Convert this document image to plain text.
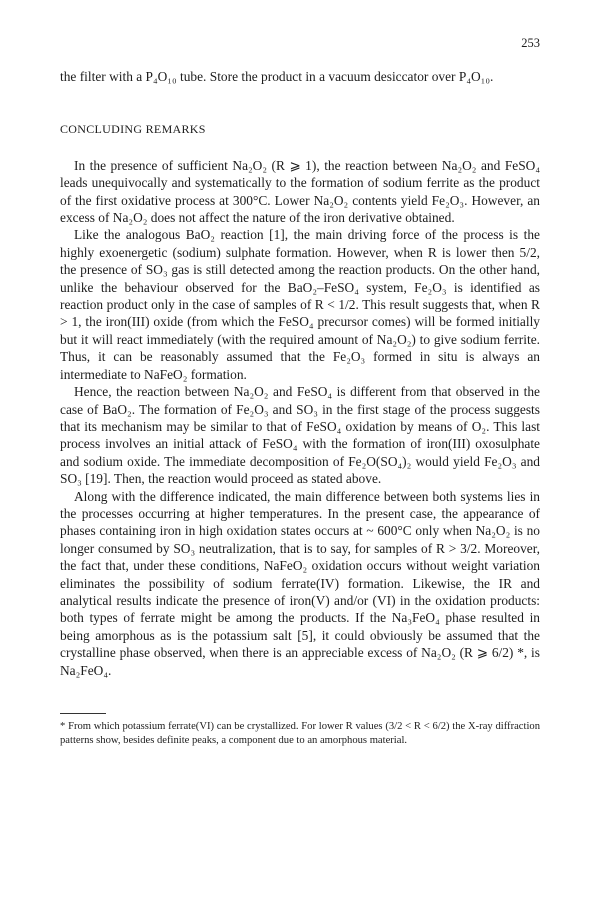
253

the filter with a P₄O₁₀ tube. Store the product in a vacuum desiccator over P₄O₁₀.

CONCLUDING REMARKS

In the presence of sufficient Na₂O₂ (R ⩾ 1), the reaction between Na₂O₂ and FeSO₄ leads unequivocally and systematically to the formation of sodium ferrite as the product of the first oxidative process at 300°C. Lower Na₂O₂ contents yield Fe₂O₃. However, an excess of Na₂O₂ does not affect the nature of the iron derivative obtained.

Like the analogous BaO₂ reaction [1], the main driving force of the process is the highly exoenergetic (sodium) sulphate formation. However, when R is lower then 5/2, the presence of SO₃ gas is still detected among the reaction products. On the other hand, unlike the behaviour observed for the BaO₂–FeSO₄ system, Fe₂O₃ is identified as reaction product only in the case of samples of R < 1/2. This result suggests that, when R > 1, the iron(III) oxide (from which the FeSO₄ precursor comes) will be formed initially but it will react immediately (with the required amount of Na₂O₂) to give sodium ferrite. Thus, it can be reasonably assumed that the Fe₂O₃ formed in situ is always an intermediate to NaFeO₂ formation.

Hence, the reaction between Na₂O₂ and FeSO₄ is different from that observed in the case of BaO₂. The formation of Fe₂O₃ and SO₃ in the first stage of the process suggests that its mechanism may be similar to that of FeSO₄ oxidation by means of O₂. This last process involves an initial attack of FeSO₄ with the formation of iron(III) oxosulphate and sodium oxide. The immediate decomposition of Fe₂O(SO₄)₂ would yield Fe₂O₃ and SO₃ [19]. Then, the reaction would proceed as stated above.

Along with the difference indicated, the main difference between both systems lies in the processes occurring at higher temperatures. In the present case, the appearance of phases containing iron in high oxidation states occurs at ~ 600°C only when Na₂O₂ is no longer consumed by SO₃ neutralization, that is to say, for samples of R > 3/2. Moreover, the fact that, under these conditions, NaFeO₂ oxidation occurs without weight variation eliminates the possibility of sodium ferrate(IV) formation. Likewise, the IR and analytical results indicate the presence of iron(V) and/or (VI) in the oxidation products: both types of ferrate might be among the products. If the Na₃FeO₄ phase resulted in being amorphous as is the potassium salt [5], it could obviously be assumed that the crystalline phase observed, when there is an appreciable excess of Na₂O₂ (R ⩾ 6/2) *, is Na₂FeO₄.

* From which potassium ferrate(VI) can be crystallized. For lower R values (3/2 < R < 6/2) the X-ray diffraction patterns show, besides definite peaks, a component due to an amorphous material.
